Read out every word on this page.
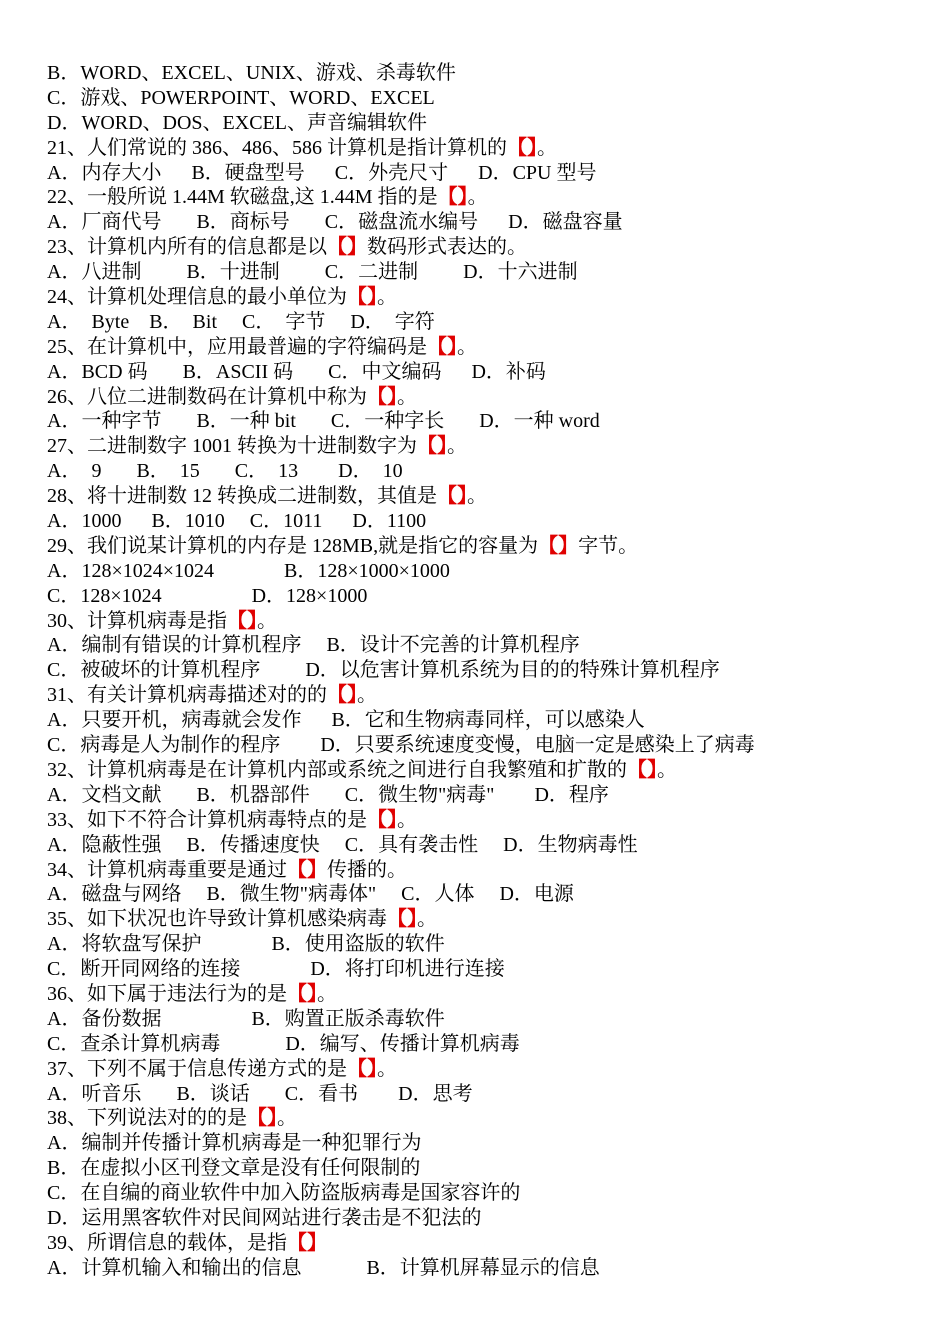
B．WORD、EXCEL、UNIX、游戏、杀毒软件
C．游戏、POWERPOINT、WORD、EXCEL
D．WORD、DOS、EXCEL、声音编辑软件
21、人们常说的 386、486、586 计算机是指计算机的【】。
A．内存大小      B．硬盘型号      C．外壳尺寸      D．CPU 型号
22、一般所说 1.44M 软磁盘,这 1.44M 指的是【】。
A．厂商代号       B．商标号       C．磁盘流水编号      D．磁盘容量
23、计算机内所有的信息都是以【】数码形式表达的。
A．八进制         B．十进制         C．二进制         D．十六进制
24、计算机处理信息的最小单位为【】。
A．  Byte    B．  Bit     C．  字节     D．  字符
25、在计算机中，应用最普遍的字符编码是【】。
A．BCD 码       B．ASCII 码       C．中文编码      D．补码
26、八位二进制数码在计算机中称为【】。
A．一种字节       B．一种 bit       C．一种字长       D．一种 word
27、二进制数字 1001 转换为十进制数字为【】。
A．  9       B．  15       C．  13        D．  10
28、将十进制数 12 转换成二进制数，其值是【】。
A．1000      B．1010     C．1011      D．1100
29、我们说某计算机的内存是 128MB,就是指它的容量为【】字节。
A．128×1024×1024              B．128×1000×1000
C．128×1024                  D．128×1000
30、计算机病毒是指【】。
A．编制有错误的计算机程序     B．设计不完善的计算机程序
C．被破坏的计算机程序         D．以危害计算机系统为目的的特殊计算机程序
31、有关计算机病毒描述对的的【】。
A．只要开机，病毒就会发作      B．它和生物病毒同样，可以感染人
C．病毒是人为制作的程序        D．只要系统速度变慢，电脑一定是感染上了病毒
32、计算机病毒是在计算机内部或系统之间进行自我繁殖和扩散的【】。
A．文档文献       B．机器部件       C．微生物"病毒"        D．程序
33、如下不符合计算机病毒特点的是【】。
A．隐蔽性强     B．传播速度快     C．具有袭击性     D．生物病毒性
34、计算机病毒重要是通过【】传播的。
A．磁盘与网络     B．微生物"病毒体"     C．人体     D．电源
35、如下状况也许导致计算机感染病毒【】。
A．将软盘写保护              B．使用盗版的软件
C．断开同网络的连接              D．将打印机进行连接
36、如下属于违法行为的是【】。
A．备份数据                  B．购置正版杀毒软件
C．查杀计算机病毒             D．编写、传播计算机病毒
37、下列不属于信息传递方式的是【】。
A．听音乐       B．谈话       C．看书        D．思考
38、下列说法对的的是【】。
A．编制并传播计算机病毒是一种犯罪行为
B．在虚拟小区刊登文章是没有任何限制的
C．在自编的商业软件中加入防盗版病毒是国家容许的
D．运用黑客软件对民间网站进行袭击是不犯法的
39、所谓信息的载体，是指【】
A．计算机输入和输出的信息             B．计算机屏幕显示的信息
